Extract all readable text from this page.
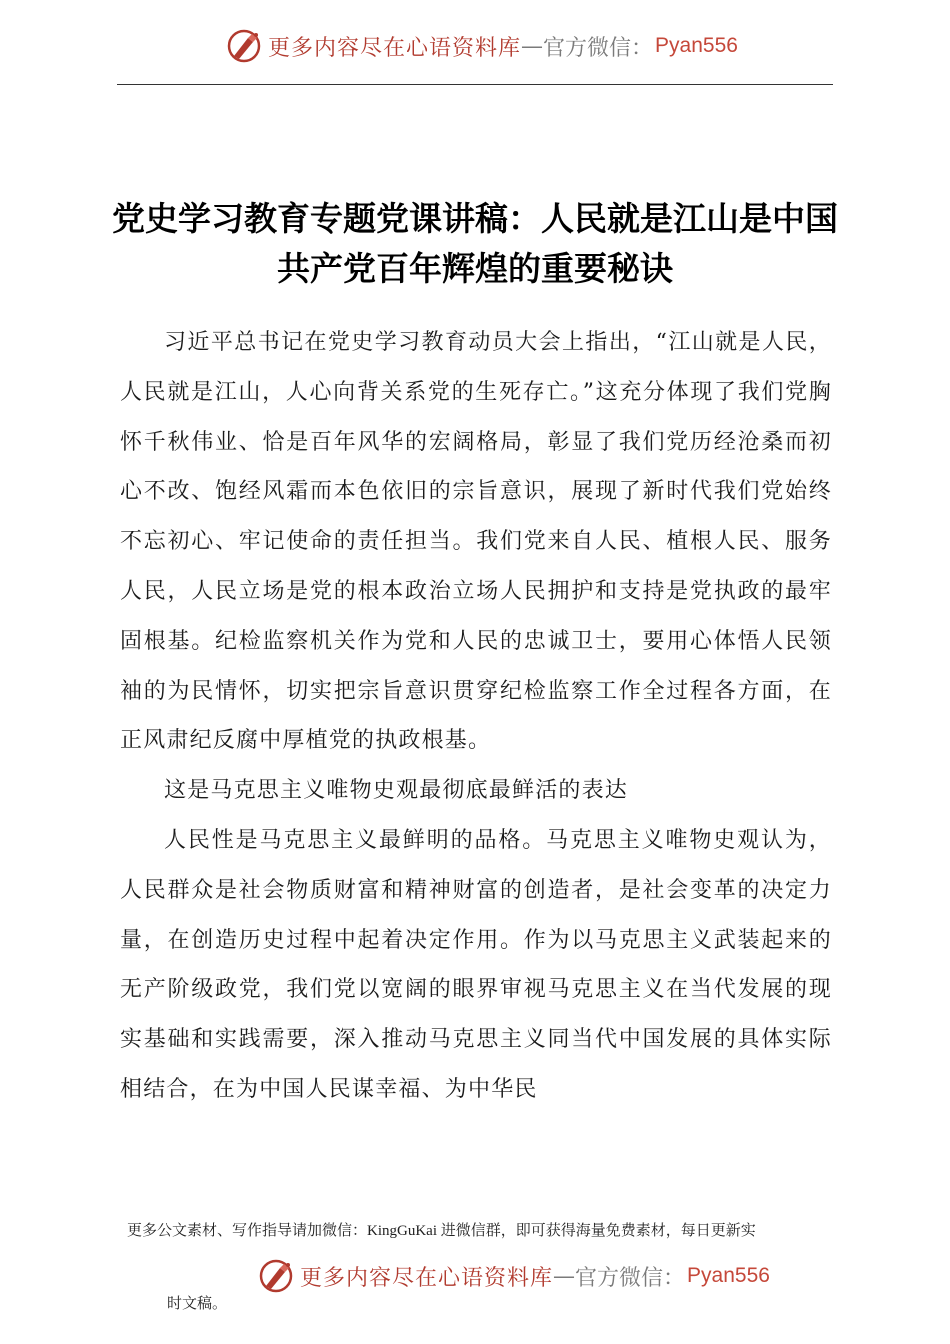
更多内容尽在心语资料库 — 官方微信： Pyan556
党史学习教育专题党课讲稿：人民就是江山是中国共产党百年辉煌的重要秘诀

习近平总书记在党史学习教育动员大会上指出，“江山就是人民，人民就是江山，人心向背关系党的生死存亡。”这充分体现了我们党胸怀千秋伟业、恰是百年风华的宏阔格局，彰显了我们党历经沧桑而初心不改、饱经风霜而本色依旧的宗旨意识，展现了新时代我们党始终不忘初心、牢记使命的责任担当。我们党来自人民、植根人民、服务人民，人民立场是党的根本政治立场人民拥护和支持是党执政的最牢固根基。纪检监察机关作为党和人民的忠诚卫士，要用心体悟人民领袖的为民情怀，切实把宗旨意识贯穿纪检监察工作全过程各方面，在正风肃纪反腐中厚植党的执政根基。

这是马克思主义唯物史观最彻底最鲜活的表达

人民性是马克思主义最鲜明的品格。马克思主义唯物史观认为，人民群众是社会物质财富和精神财富的创造者，是社会变革的决定力量，在创造历史过程中起着决定作用。作为以马克思主义武装起来的无产阶级政党，我们党以宽阔的眼界审视马克思主义在当代发展的现实基础和实践需要，深入推动马克思主义同当代中国发展的具体实际相结合，在为中国人民谋幸福、为中华民

更多公文素材、写作指导请加微信：KingGuKai 进微信群，即可获得海量免费素材，每日更新实

更多内容尽在心语资料库 — 官方微信： Pyan556

时文稿。
